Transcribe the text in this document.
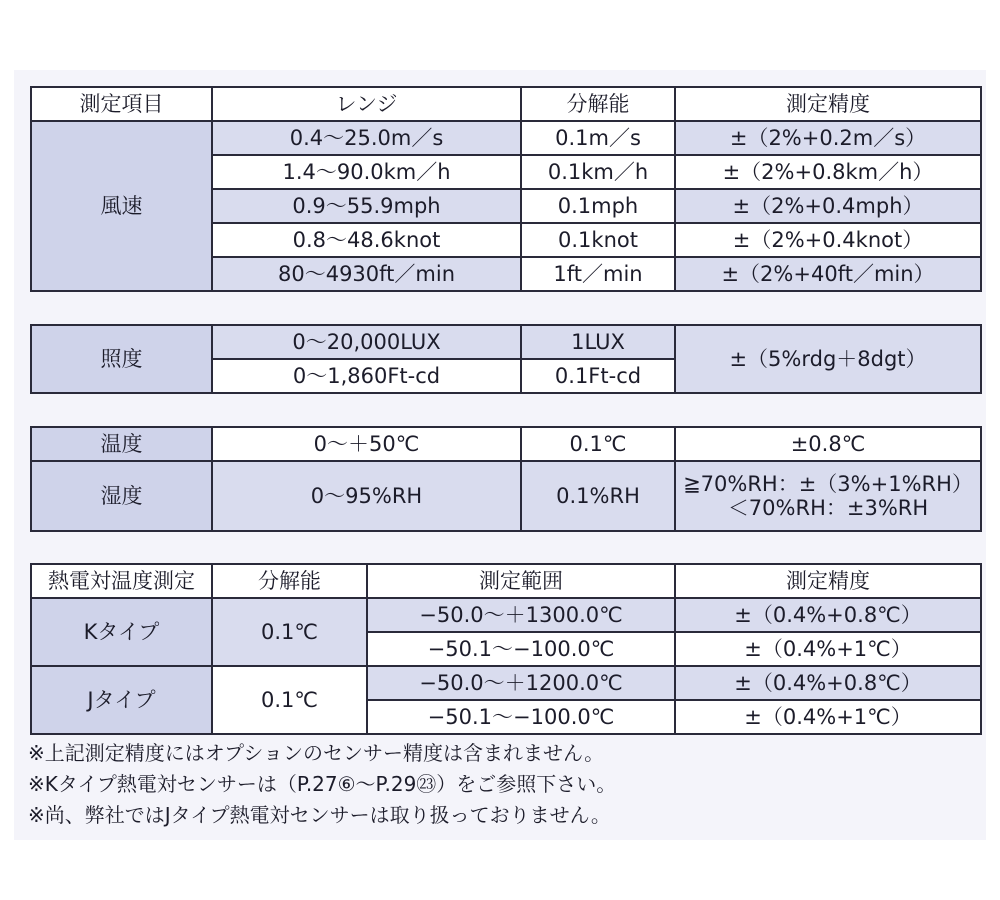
測定項目	レンジ	分解能	測定精度
風速	0.4～25.0m／s	0.1m／s	±（2%+0.2m／s）
	1.4～90.0km／h	0.1km／h	±（2%+0.8km／h）
	0.9～55.9mph	0.1mph	±（2%+0.4mph）
	0.8～48.6knot	0.1knot	±（2%+0.4knot）
	80～4930ft／min	1ft／min	±（2%+40ft／min）
照度	0～20,000LUX	1LUX	±（5%rdg＋8dgt）
	0～1,860Ft-cd	0.1Ft-cd	
温度	0～＋50℃	0.1℃	±0.8℃
湿度	0～95%RH	0.1%RH	≧70%RH：±（3%+1%RH）
＜70%RH：±3%RH
熱電対温度測定	分解能	測定範囲	測定精度
Kタイプ	0.1℃	−50.0～＋1300.0℃	±（0.4%+0.8℃）
		−50.1～−100.0℃	±（0.4%+1℃）
Jタイプ	0.1℃	−50.0～＋1200.0℃	±（0.4%+0.8℃）
		−50.1～−100.0℃	±（0.4%+1℃）
※上記測定精度にはオプションのセンサー精度は含まれません。
※Kタイプ熱電対センサーは（P.27⑥～P.29㉓）をご参照下さい。
※尚、弊社ではJタイプ熱電対センサーは取り扱っておりません。
